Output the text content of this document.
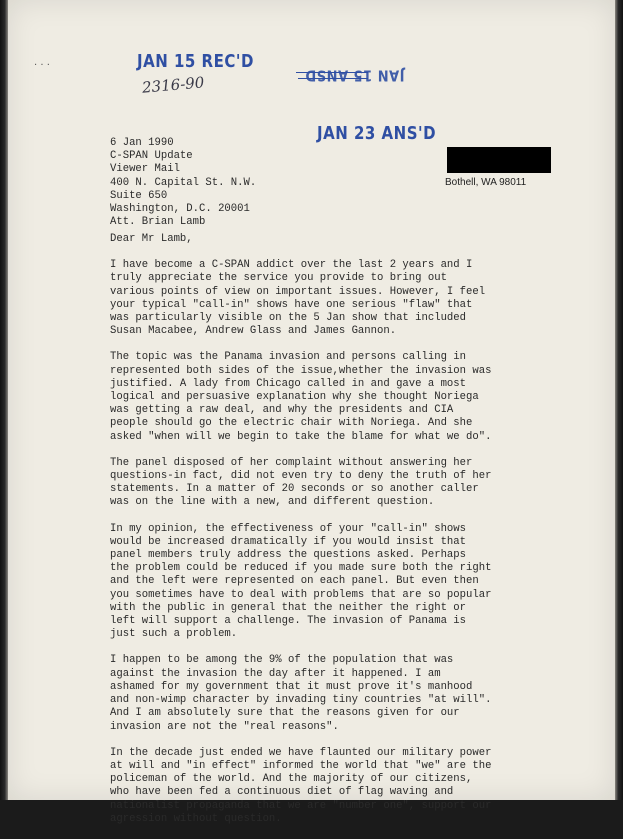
· · ·	JAN 15 REC'D
2316-90	JAN 15 ANSD
JAN 23 ANS'D
6 Jan 1990
C-SPAN Update
Viewer Mail
400 N. Capital St. N.W.
Suite 650
Washington, D.C. 20001
Att. Brian Lamb
Bothell, WA 98011

Dear Mr Lamb,

I have become a C-SPAN addict over the last 2 years and I
truly appreciate the service you provide to bring out
various points of view on important issues. However, I feel
your typical "call-in" shows have one serious "flaw" that
was particularly visible on the 5 Jan show that included
Susan Macabee, Andrew Glass and James Gannon.

The topic was the Panama invasion and persons calling in
represented both sides of the issue,whether the invasion was
justified. A lady from Chicago called in and gave a most
logical and persuasive explanation why she thought Noriega
was getting a raw deal, and why the presidents and CIA
people should go the electric chair with Noriega. And she
asked "when will we begin to take the blame for what we do".

The panel disposed of her complaint without answering her
questions-in fact, did not even try to deny the truth of her
statements. In a matter of 20 seconds or so another caller
was on the line with a new, and different question.

In my opinion, the effectiveness of your "call-in" shows
would be increased dramatically if you would insist that
panel members truly address the questions asked. Perhaps
the problem could be reduced if you made sure both the right
and the left were represented on each panel. But even then
you sometimes have to deal with problems that are so popular
with the public in general that the neither the right or
left will support a challenge. The invasion of Panama is
just such a problem.

I happen to be among the 9% of the population that was
against the invasion the day after it happened. I am
ashamed for my government that it must prove it's manhood
and non-wimp character by invading tiny countries "at will".
And I am absolutely sure that the reasons given for our
invasion are not the "real reasons".

In the decade just ended we have flaunted our military power
at will and "in effect" informed the world that "we" are the
policeman of the world. And the majority of our citizens,
who have been fed a continuous diet of flag waving and
nationalist propaganda that we are "number one", support our
agression without question.
